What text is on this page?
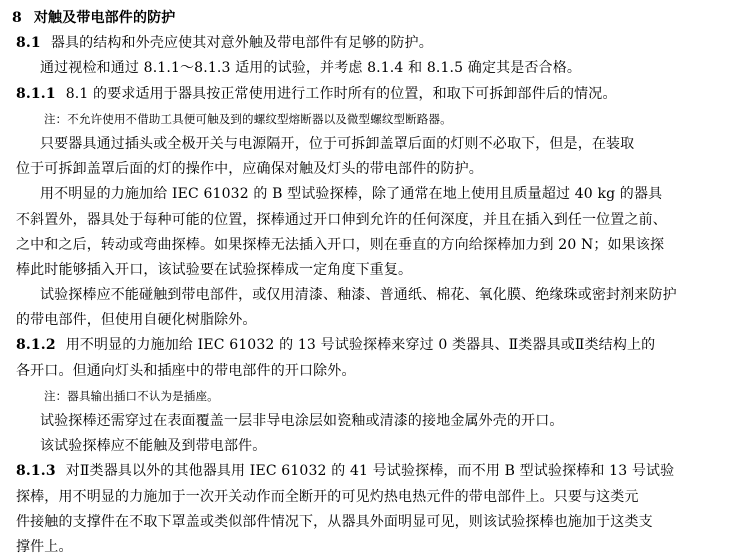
8 对触及带电部件的防护
8.1 器具的结构和外壳应使其对意外触及带电部件有足够的防护。
通过视检和通过 8.1.1～8.1.3 适用的试验，并考虑 8.1.4 和 8.1.5 确定其是否合格。
8.1.1 8.1 的要求适用于器具按正常使用进行工作时所有的位置，和取下可拆卸部件后的情况。
注：不允许使用不借助工具便可触及到的螺纹型熔断器以及微型螺纹型断路器。
只要器具通过插头或全极开关与电源隔开，位于可拆卸盖罩后面的灯则不必取下，但是，在装取
位于可拆卸盖罩后面的灯的操作中，应确保对触及灯头的带电部件的防护。
用不明显的力施加给 IEC 61032 的 B 型试验探棒，除了通常在地上使用且质量超过 40 kg 的器具
不斜置外，器具处于每种可能的位置，探棒通过开口伸到允许的任何深度，并且在插入到任一位置之前、
之中和之后，转动或弯曲探棒。如果探棒无法插入开口，则在垂直的方向给探棒加力到 20 N；如果该探
棒此时能够插入开口，该试验要在试验探棒成一定角度下重复。
试验探棒应不能碰触到带电部件，或仅用清漆、釉漆、普通纸、棉花、氧化膜、绝缘珠或密封剂来防护
的带电部件，但使用自硬化树脂除外。
8.1.2 用不明显的力施加给 IEC 61032 的 13 号试验探棒来穿过 0 类器具、Ⅱ类器具或Ⅱ类结构上的
各开口。但通向灯头和插座中的带电部件的开口除外。
注：器具输出插口不认为是插座。
试验探棒还需穿过在表面覆盖一层非导电涂层如瓷釉或清漆的接地金属外壳的开口。
该试验探棒应不能触及到带电部件。
8.1.3 对Ⅱ类器具以外的其他器具用 IEC 61032 的 41 号试验探棒，而不用 B 型试验探棒和 13 号试验
探棒，用不明显的力施加于一次开关动作而全断开的可见灼热电热元件的带电部件上。只要与这类元
件接触的支撑件在不取下罩盖或类似部件情况下，从器具外面明显可见，则该试验探棒也施加于这类支
撑件上。
